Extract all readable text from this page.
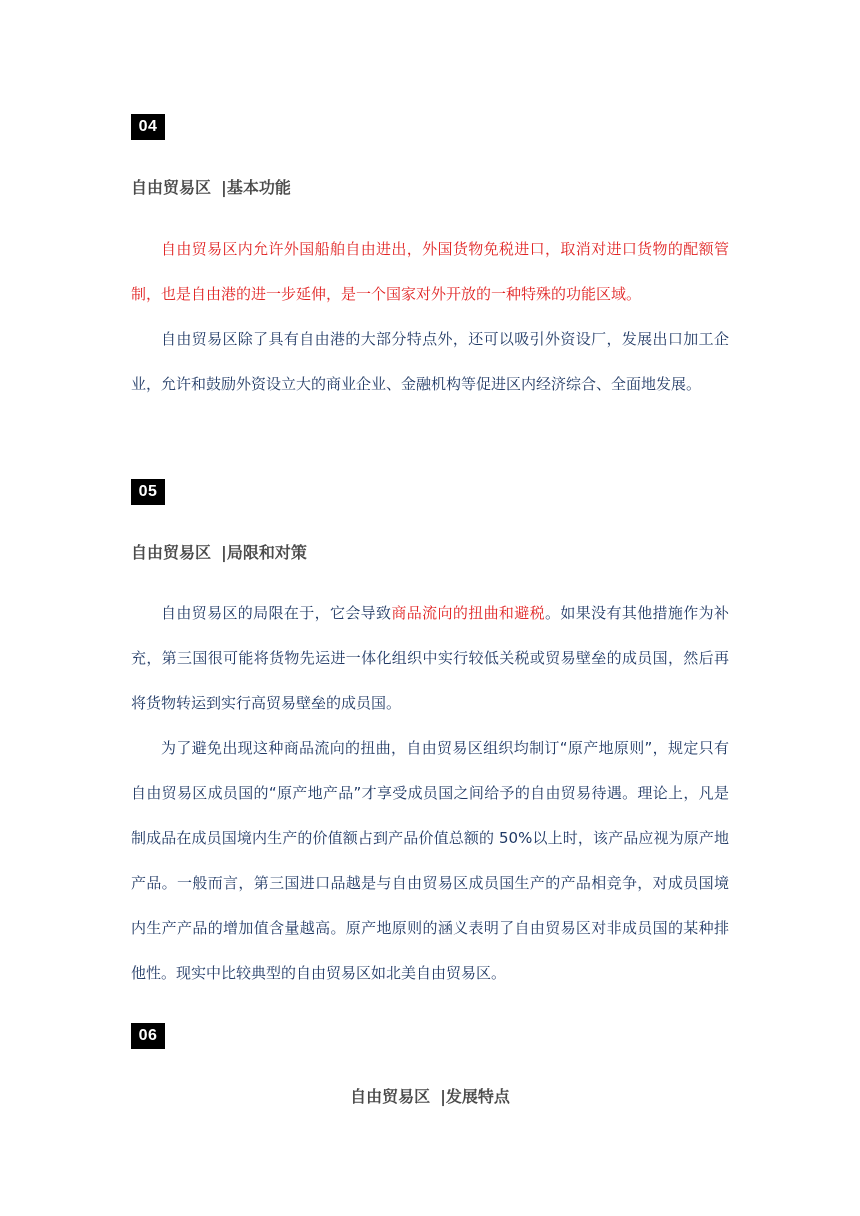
04
自由贸易区 |基本功能

自由贸易区内允许外国船舶自由进出，外国货物免税进口，取消对进口货物的配额管制，也是自由港的进一步延伸，是一个国家对外开放的一种特殊的功能区域。

自由贸易区除了具有自由港的大部分特点外，还可以吸引外资设厂，发展出口加工企业，允许和鼓励外资设立大的商业企业、金融机构等促进区内经济综合、全面地发展。

05
自由贸易区 |局限和对策

自由贸易区的局限在于，它会导致商品流向的扭曲和避税。如果没有其他措施作为补充，第三国很可能将货物先运进一体化组织中实行较低关税或贸易壁垒的成员国，然后再将货物转运到实行高贸易壁垒的成员国。

为了避免出现这种商品流向的扭曲，自由贸易区组织均制订“原产地原则”，规定只有自由贸易区成员国的“原产地产品”才享受成员国之间给予的自由贸易待遇。理论上，凡是制成品在成员国境内生产的价值额占到产品价值总额的 50%以上时，该产品应视为原产地产品。一般而言，第三国进口品越是与自由贸易区成员国生产的产品相竞争，对成员国境内生产产品的增加值含量越高。原产地原则的涵义表明了自由贸易区对非成员国的某种排他性。现实中比较典型的自由贸易区如北美自由贸易区。

06
自由贸易区 |发展特点
